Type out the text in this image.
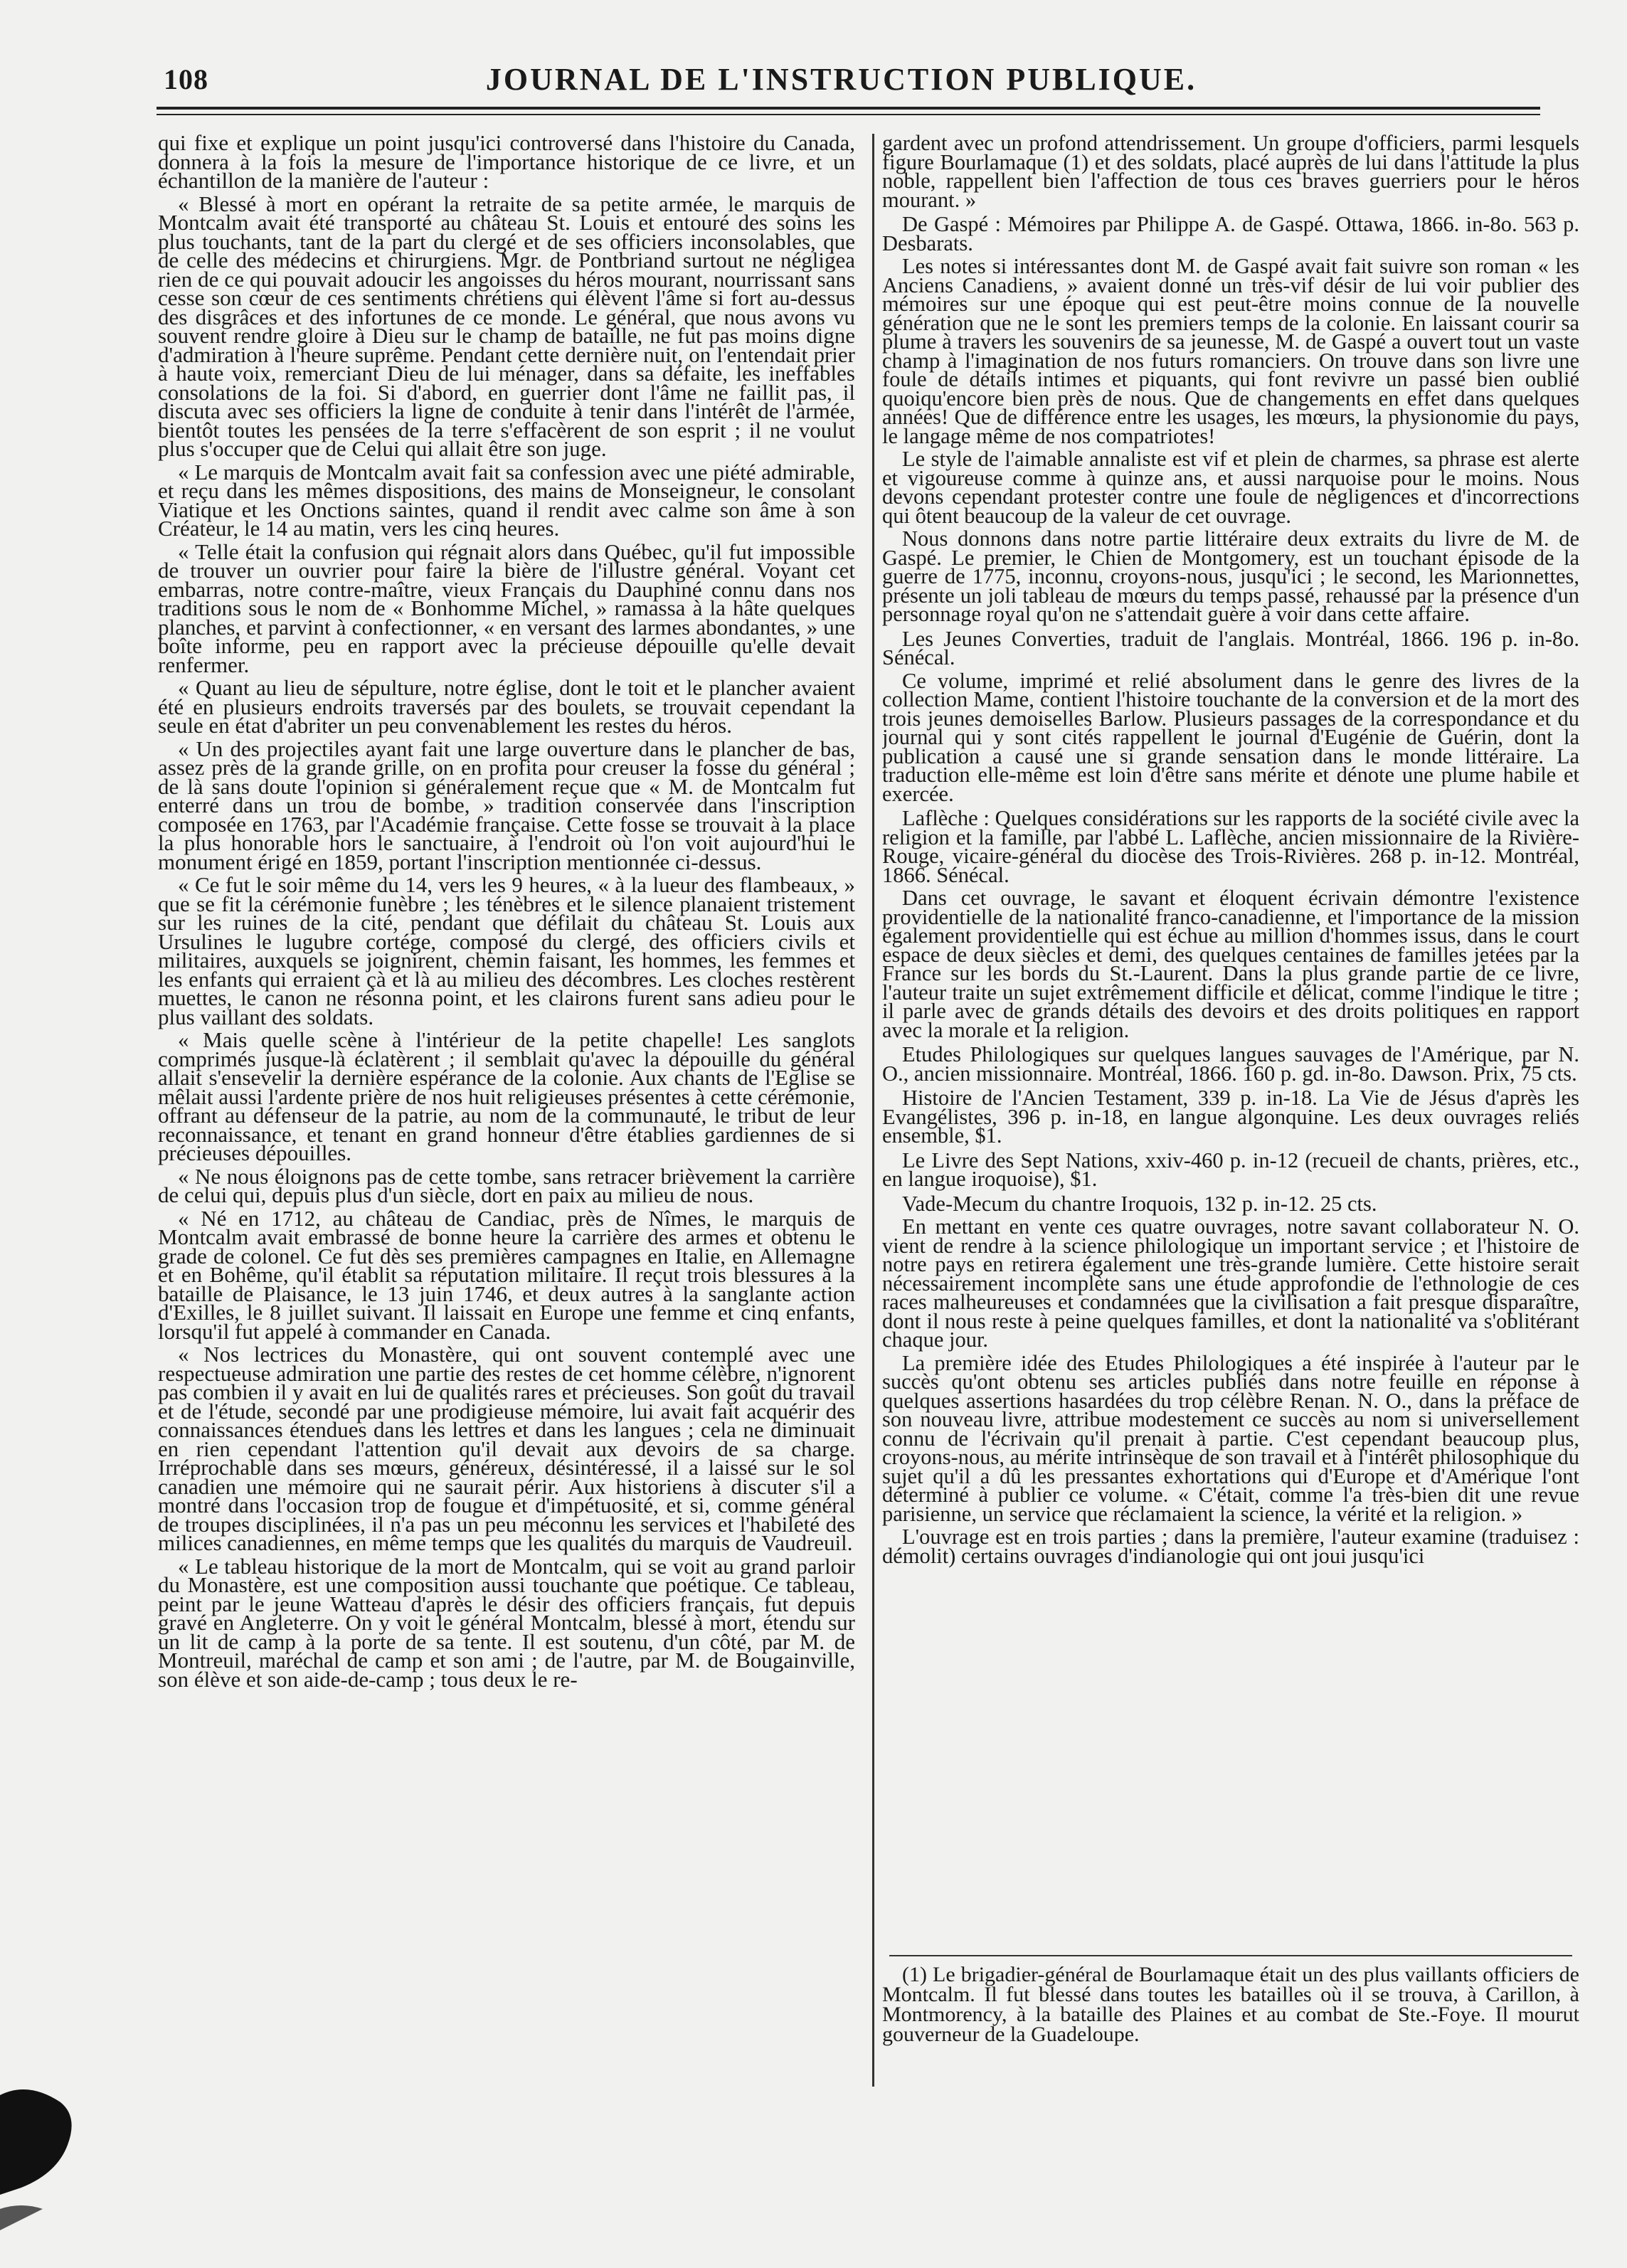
108	JOURNAL DE L'INSTRUCTION PUBLIQUE.

qui fixe et explique un point jusqu'ici controversé dans l'histoire du Canada, donnera à la fois la mesure de l'importance historique de ce livre, et un échantillon de la manière de l'auteur :

« Blessé à mort en opérant la retraite de sa petite armée, le marquis de Montcalm avait été transporté au château St. Louis et entouré des soins les plus touchants, tant de la part du clergé et de ses officiers inconsolables, que de celle des médecins et chirurgiens. Mgr. de Pontbriand surtout ne négligea rien de ce qui pouvait adoucir les angoisses du héros mourant, nourrissant sans cesse son cœur de ces sentiments chrétiens qui élèvent l'âme si fort au-dessus des disgrâces et des infortunes de ce monde. Le général, que nous avons vu souvent rendre gloire à Dieu sur le champ de bataille, ne fut pas moins digne d'admiration à l'heure suprême. Pendant cette dernière nuit, on l'entendait prier à haute voix, remerciant Dieu de lui ménager, dans sa défaite, les ineffables consolations de la foi. Si d'abord, en guerrier dont l'âme ne faillit pas, il discuta avec ses officiers la ligne de conduite à tenir dans l'intérêt de l'armée, bientôt toutes les pensées de la terre s'effacèrent de son esprit ; il ne voulut plus s'occuper que de Celui qui allait être son juge.

« Le marquis de Montcalm avait fait sa confession avec une piété admirable, et reçu dans les mêmes dispositions, des mains de Monseigneur, le consolant Viatique et les Onctions saintes, quand il rendit avec calme son âme à son Créateur, le 14 au matin, vers les cinq heures.

« Telle était la confusion qui régnait alors dans Québec, qu'il fut impossible de trouver un ouvrier pour faire la bière de l'illustre général. Voyant cet embarras, notre contre-maître, vieux Français du Dauphiné connu dans nos traditions sous le nom de « Bonhomme Michel, » ramassa à la hâte quelques planches, et parvint à confectionner, « en versant des larmes abondantes, » une boîte informe, peu en rapport avec la précieuse dépouille qu'elle devait renfermer.

« Quant au lieu de sépulture, notre église, dont le toit et le plancher avaient été en plusieurs endroits traversés par des boulets, se trouvait cependant la seule en état d'abriter un peu convenablement les restes du héros.

« Un des projectiles ayant fait une large ouverture dans le plancher de bas, assez près de la grande grille, on en profita pour creuser la fosse du général ; de là sans doute l'opinion si généralement reçue que « M. de Montcalm fut enterré dans un trou de bombe, » tradition conservée dans l'inscription composée en 1763, par l'Académie française. Cette fosse se trouvait à la place la plus honorable hors le sanctuaire, à l'endroit où l'on voit aujourd'hui le monument érigé en 1859, portant l'inscription mentionnée ci-dessus.

« Ce fut le soir même du 14, vers les 9 heures, « à la lueur des flambeaux, » que se fit la cérémonie funèbre ; les ténèbres et le silence planaient tristement sur les ruines de la cité, pendant que défilait du château St. Louis aux Ursulines le lugubre cortége, composé du clergé, des officiers civils et militaires, auxquels se joignirent, chemin faisant, les hommes, les femmes et les enfants qui erraient çà et là au milieu des décombres. Les cloches restèrent muettes, le canon ne résonna point, et les clairons furent sans adieu pour le plus vaillant des soldats.

« Mais quelle scène à l'intérieur de la petite chapelle! Les sanglots comprimés jusque-là éclatèrent ; il semblait qu'avec la dépouille du général allait s'ensevelir la dernière espérance de la colonie. Aux chants de l'Eglise se mêlait aussi l'ardente prière de nos huit religieuses présentes à cette cérémonie, offrant au défenseur de la patrie, au nom de la communauté, le tribut de leur reconnaissance, et tenant en grand honneur d'être établies gardiennes de si précieuses dépouilles.

« Ne nous éloignons pas de cette tombe, sans retracer brièvement la carrière de celui qui, depuis plus d'un siècle, dort en paix au milieu de nous.

« Né en 1712, au château de Candiac, près de Nîmes, le marquis de Montcalm avait embrassé de bonne heure la carrière des armes et obtenu le grade de colonel. Ce fut dès ses premières campagnes en Italie, en Allemagne et en Bohême, qu'il établit sa réputation militaire. Il reçut trois blessures à la bataille de Plaisance, le 13 juin 1746, et deux autres à la sanglante action d'Exilles, le 8 juillet suivant. Il laissait en Europe une femme et cinq enfants, lorsqu'il fut appelé à commander en Canada.

« Nos lectrices du Monastère, qui ont souvent contemplé avec une respectueuse admiration une partie des restes de cet homme célèbre, n'ignorent pas combien il y avait en lui de qualités rares et précieuses. Son goût du travail et de l'étude, secondé par une prodigieuse mémoire, lui avait fait acquérir des connaissances étendues dans les lettres et dans les langues ; cela ne diminuait en rien cependant l'attention qu'il devait aux devoirs de sa charge. Irréprochable dans ses mœurs, généreux, désintéressé, il a laissé sur le sol canadien une mémoire qui ne saurait périr. Aux historiens à discuter s'il a montré dans l'occasion trop de fougue et d'impétuosité, et si, comme général de troupes disciplinées, il n'a pas un peu méconnu les services et l'habileté des milices canadiennes, en même temps que les qualités du marquis de Vaudreuil.

« Le tableau historique de la mort de Montcalm, qui se voit au grand parloir du Monastère, est une composition aussi touchante que poétique. Ce tableau, peint par le jeune Watteau d'après le désir des officiers français, fut depuis gravé en Angleterre. On y voit le général Montcalm, blessé à mort, étendu sur un lit de camp à la porte de sa tente. Il est soutenu, d'un côté, par M. de Montreuil, maréchal de camp et son ami ; de l'autre, par M. de Bougainville, son élève et son aide-de-camp ; tous deux le re-

gardent avec un profond attendrissement. Un groupe d'officiers, parmi lesquels figure Bourlamaque (1) et des soldats, placé auprès de lui dans l'attitude la plus noble, rappellent bien l'affection de tous ces braves guerriers pour le héros mourant. »

De Gaspé : Mémoires par Philippe A. de Gaspé. Ottawa, 1866. in-8o. 563 p. Desbarats.

Les notes si intéressantes dont M. de Gaspé avait fait suivre son roman « les Anciens Canadiens, » avaient donné un très-vif désir de lui voir publier des mémoires sur une époque qui est peut-être moins connue de la nouvelle génération que ne le sont les premiers temps de la colonie. En laissant courir sa plume à travers les souvenirs de sa jeunesse, M. de Gaspé a ouvert tout un vaste champ à l'imagination de nos futurs romanciers. On trouve dans son livre une foule de détails intimes et piquants, qui font revivre un passé bien oublié quoiqu'encore bien près de nous. Que de changements en effet dans quelques années! Que de différence entre les usages, les mœurs, la physionomie du pays, le langage même de nos compatriotes!

Le style de l'aimable annaliste est vif et plein de charmes, sa phrase est alerte et vigoureuse comme à quinze ans, et aussi narquoise pour le moins. Nous devons cependant protester contre une foule de négligences et d'incorrections qui ôtent beaucoup de la valeur de cet ouvrage.

Nous donnons dans notre partie littéraire deux extraits du livre de M. de Gaspé. Le premier, le Chien de Montgomery, est un touchant épisode de la guerre de 1775, inconnu, croyons-nous, jusqu'ici ; le second, les Marionnettes, présente un joli tableau de mœurs du temps passé, rehaussé par la présence d'un personnage royal qu'on ne s'attendait guère à voir dans cette affaire.

Les Jeunes Converties, traduit de l'anglais. Montréal, 1866. 196 p. in-8o. Sénécal.

Ce volume, imprimé et relié absolument dans le genre des livres de la collection Mame, contient l'histoire touchante de la conversion et de la mort des trois jeunes demoiselles Barlow. Plusieurs passages de la correspondance et du journal qui y sont cités rappellent le journal d'Eugénie de Guérin, dont la publication a causé une si grande sensation dans le monde littéraire. La traduction elle-même est loin d'être sans mérite et dénote une plume habile et exercée.

Laflèche : Quelques considérations sur les rapports de la société civile avec la religion et la famille, par l'abbé L. Laflèche, ancien missionnaire de la Rivière-Rouge, vicaire-général du diocèse des Trois-Rivières. 268 p. in-12. Montréal, 1866. Sénécal.

Dans cet ouvrage, le savant et éloquent écrivain démontre l'existence providentielle de la nationalité franco-canadienne, et l'importance de la mission également providentielle qui est échue au million d'hommes issus, dans le court espace de deux siècles et demi, des quelques centaines de familles jetées par la France sur les bords du St.-Laurent. Dans la plus grande partie de ce livre, l'auteur traite un sujet extrêmement difficile et délicat, comme l'indique le titre ; il parle avec de grands détails des devoirs et des droits politiques en rapport avec la morale et la religion.

Etudes Philologiques sur quelques langues sauvages de l'Amérique, par N. O., ancien missionnaire. Montréal, 1866. 160 p. gd. in-8o. Dawson. Prix, 75 cts.

Histoire de l'Ancien Testament, 339 p. in-18. La Vie de Jésus d'après les Evangélistes, 396 p. in-18, en langue algonquine. Les deux ouvrages reliés ensemble, $1.

Le Livre des Sept Nations, xxiv-460 p. in-12 (recueil de chants, prières, etc., en langue iroquoise), $1.

Vade-Mecum du chantre Iroquois, 132 p. in-12. 25 cts.

En mettant en vente ces quatre ouvrages, notre savant collaborateur N. O. vient de rendre à la science philologique un important service ; et l'histoire de notre pays en retirera également une très-grande lumière. Cette histoire serait nécessairement incomplète sans une étude approfondie de l'ethnologie de ces races malheureuses et condamnées que la civilisation a fait presque disparaître, dont il nous reste à peine quelques familles, et dont la nationalité va s'oblitérant chaque jour.

La première idée des Etudes Philologiques a été inspirée à l'auteur par le succès qu'ont obtenu ses articles publiés dans notre feuille en réponse à quelques assertions hasardées du trop célèbre Renan. N. O., dans la préface de son nouveau livre, attribue modestement ce succès au nom si universellement connu de l'écrivain qu'il prenait à partie. C'est cependant beaucoup plus, croyons-nous, au mérite intrinsèque de son travail et à l'intérêt philosophique du sujet qu'il a dû les pressantes exhortations qui d'Europe et d'Amérique l'ont déterminé à publier ce volume. « C'était, comme l'a très-bien dit une revue parisienne, un service que réclamaient la science, la vérité et la religion. »

L'ouvrage est en trois parties ; dans la première, l'auteur examine (traduisez : démolit) certains ouvrages d'indianologie qui ont joui jusqu'ici

(1) Le brigadier-général de Bourlamaque était un des plus vaillants officiers de Montcalm. Il fut blessé dans toutes les batailles où il se trouva, à Carillon, à Montmorency, à la bataille des Plaines et au combat de Ste.-Foye. Il mourut gouverneur de la Guadeloupe.
